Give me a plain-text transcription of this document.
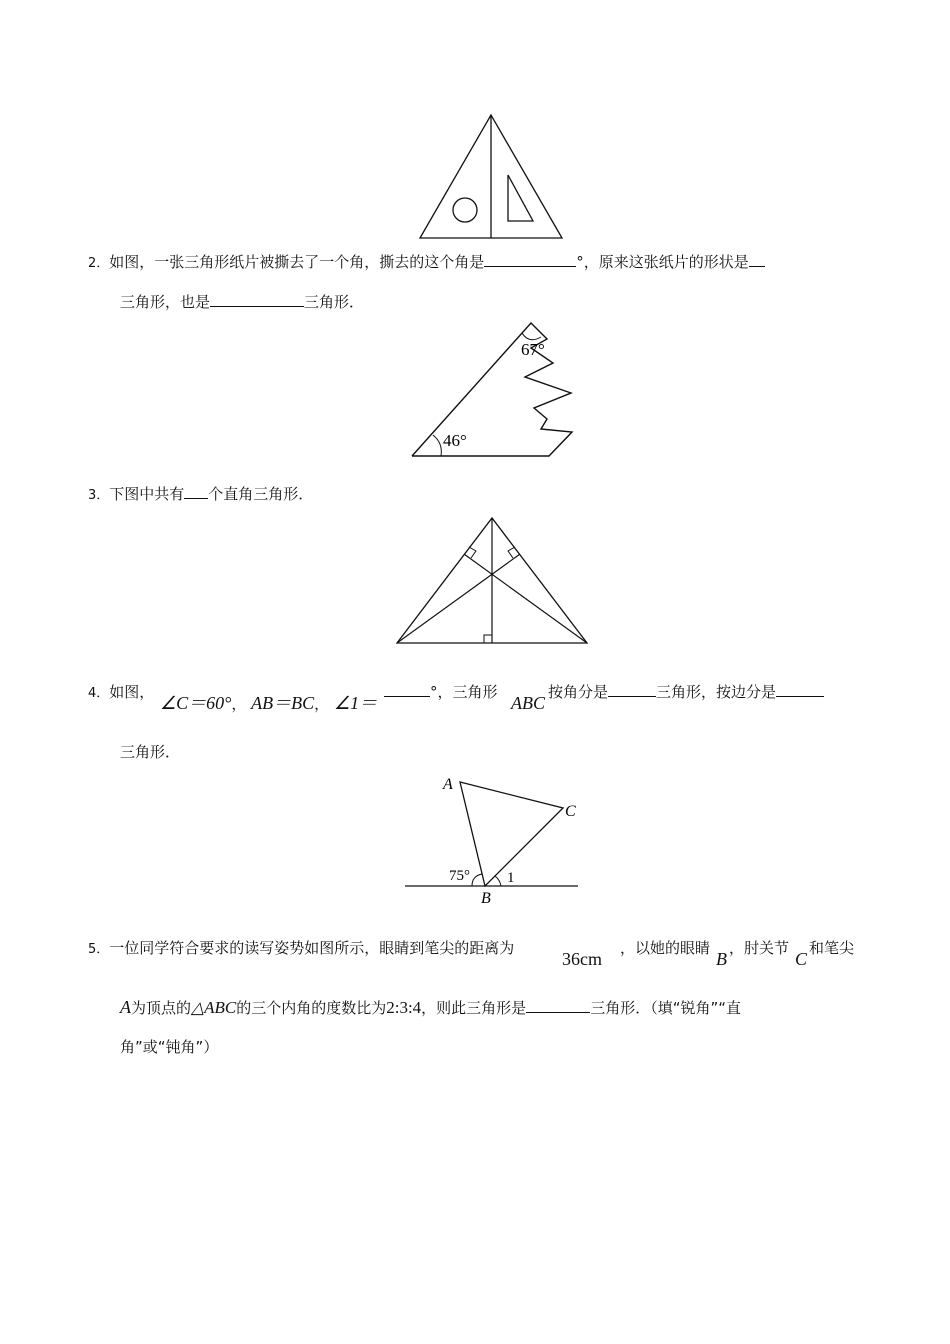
2．如图，一张三角形纸片被撕去了一个角，撕去的这个角是	°，原来这张纸片的形状是
三角形，也是	三角形．
67°
46°
3．下图中共有 个直角三角形．
4．如图，
∠C＝60°， AB＝BC， ∠1＝
°，三角形
ABC
按角分是	三角形，按边分是
三角形．
A
C
B
75° 1
5．一位同学符合要求的读写姿势如图所示，眼睛到笔尖的距离为
36cm
，以她的眼睛
B
，肘关节
C
和笔尖
A为顶点的△ABC的三个内角的度数比为2:3:4，则此三角形是	三角形．（填“锐角”“直
角”或“钝角”）
